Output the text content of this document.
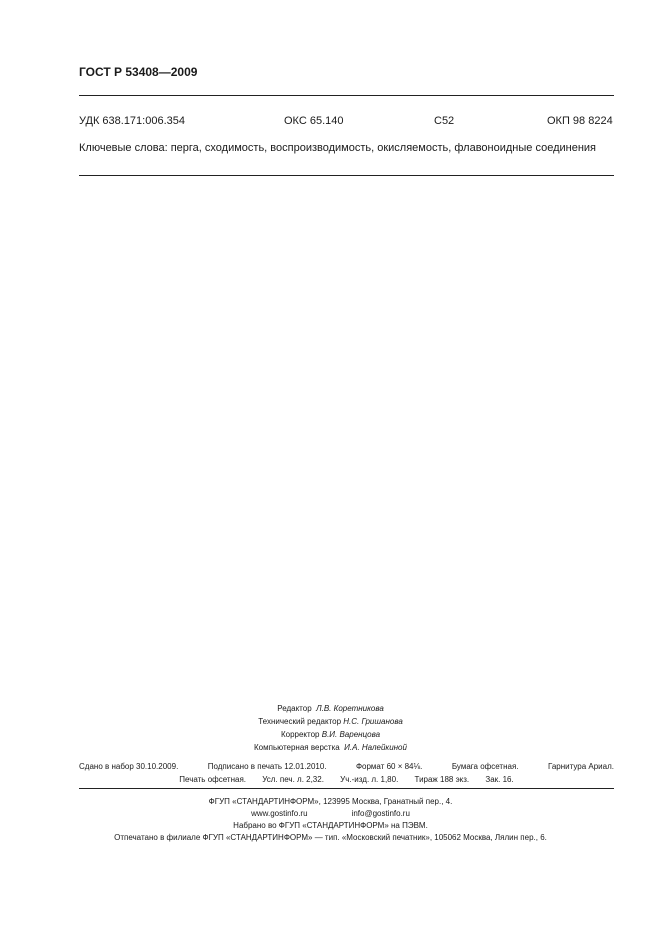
ГОСТ Р 53408—2009
УДК 638.171:006.354	ОКС 65.140	С52	ОКП 98 8224
Ключевые слова: перга, сходимость, воспроизводимость, окисляемость, флавоноидные соединения
Редактор Л.В. Коретникова
Технический редактор Н.С. Гришанова
Корректор В.И. Варенцова
Компьютерная верстка И.А. Налейкиной
Сдано в набор 30.10.2009.	Подписано в печать 12.01.2010.	Формат 60 × 84⅛.	Бумага офсетная.	Гарнитура Ариал.
Печать офсетная. Усл. печ. л. 2,32. Уч.-изд. л. 1,80. Тираж 188 экз. Зак. 16.
ФГУП «СТАНДАРТИНФОРМ», 123995 Москва, Гранатный пер., 4.
www.gostinfo.ru	info@gostinfo.ru
Набрано во ФГУП «СТАНДАРТИНФОРМ» на ПЭВМ.
Отпечатано в филиале ФГУП «СТАНДАРТИНФОРМ» — тип. «Московский печатник», 105062 Москва, Лялин пер., 6.
